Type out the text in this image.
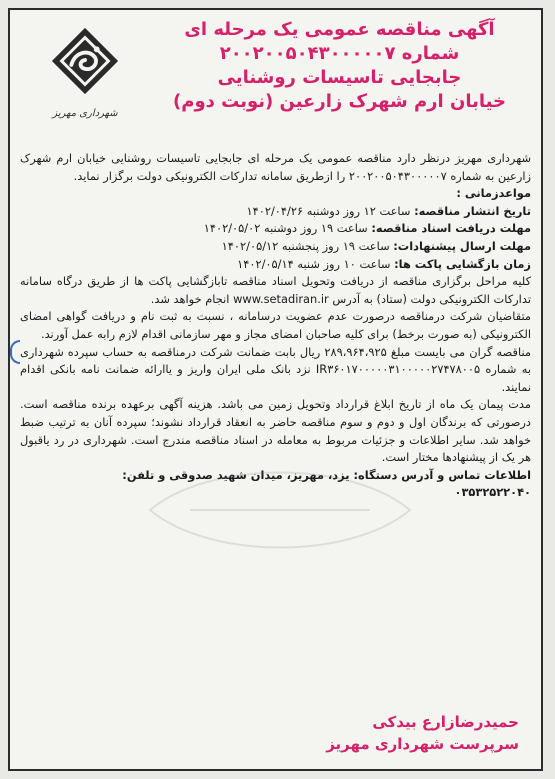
آگهی مناقصه عمومی یک مرحله ای
شماره ۲۰۰۲۰۰۵۰۴۳۰۰۰۰۰۷
جابجایی تاسیسات روشنایی
خیابان ارم شهرک زارعین (نوبت دوم)
شهرداری مهریز

شهرداری مهریز درنظر دارد مناقصه عمومی یک مرحله ای جابجایی تاسیسات روشنایی خیابان ارم شهرک زارعین به شماره ۲۰۰۲۰۰۵۰۴۳۰۰۰۰۰۷ را ازطریق سامانه تدارکات الکترونیکی دولت برگزار نماید.

مواعدزمانی :

تاریخ انتشار مناقصه: ساعت ۱۲ روز دوشنبه ۱۴۰۲/۰۴/۲۶

مهلت دریافت اسناد مناقصه: ساعت ۱۹ روز دوشنبه ۱۴۰۲/۰۵/۰۲

مهلت ارسال پیشنهادات: ساعت ۱۹ روز پنجشنبه ۱۴۰۲/۰۵/۱۲

زمان بازگشایی پاکت ها: ساعت ۱۰ روز شنبه ۱۴۰۲/۰۵/۱۴

کلیه مراحل برگزاری مناقصه از دریافت وتحویل اسناد مناقصه تابازگشایی پاکت ها از طریق درگاه سامانه تدارکات الکترونیکی دولت (ستاد) به آدرس www.setadiran.ir انجام خواهد شد.

متقاضیان شرکت درمناقصه درصورت عدم عضویت درسامانه ، نسبت به ثبت نام و دریافت گواهی امضای الکترونیکی (به صورت برخط) برای کلیه صاحبان امضای مجاز و مهر سازمانی اقدام لازم رابه عمل آورند.

مناقصه گران می بایست مبلغ ۲۸۹،۹۶۴،۹۲۵ ریال بابت ضمانت شرکت درمناقصه به حساب سپرده شهرداری به شماره IR۳۶۰۱۷۰۰۰۰۰۳۱۰۰۰۰۰۲۷۴۷۸۰۰۵ نزد بانک ملی ایران واریز و یاارائه ضمانت نامه بانکی اقدام نمایند.

مدت پیمان یک ماه از تاریخ ابلاغ قرارداد وتحویل زمین می باشد. هزینه آگهی برعهده برنده مناقصه است. درصورتی که برندگان اول و دوم و سوم مناقصه حاضر به انعقاد قرارداد نشوند؛ سپرده آنان به ترتیب ضبط خواهد شد. سایر اطلاعات و جزئیات مربوط به معامله در اسناد مناقصه مندرج است. شهرداری در رد یاقبول هر یک از پیشنهادها مختار است.

اطلاعات تماس و آدرس دستگاه: یزد، مهریز، میدان شهید صدوقی و تلفن:

۰۳۵۳۲۵۲۲۰۴۰

حمیدرضازارع بیدکی
سرپرست شهرداری مهریز
